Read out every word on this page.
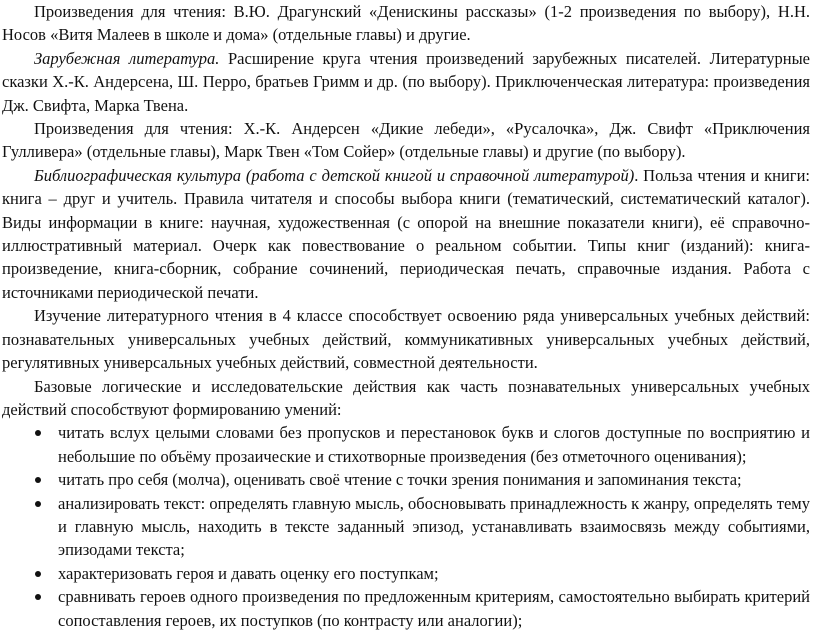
Произведения для чтения: В.Ю. Драгунский «Денискины рассказы» (1-2 произведения по выбору), Н.Н. Носов «Витя Малеев в школе и дома» (отдельные главы) и другие.

Зарубежная литература. Расширение круга чтения произведений зарубежных писателей. Литературные сказки Х.-К. Андерсена, Ш. Перро, братьев Гримм и др. (по выбору). Приключенческая литература: произведения Дж. Свифта, Марка Твена.

Произведения для чтения: Х.-К. Андерсен «Дикие лебеди», «Русалочка», Дж. Свифт «Приключения Гулливера» (отдельные главы), Марк Твен «Том Сойер» (отдельные главы) и другие (по выбору).

Библиографическая культура (работа с детской книгой и справочной литературой). Польза чтения и книги: книга – друг и учитель. Правила читателя и способы выбора книги (тематический, систематический каталог). Виды информации в книге: научная, художественная (с опорой на внешние показатели книги), её справочно-иллюстративный материал. Очерк как повествование о реальном событии. Типы книг (изданий): книга-произведение, книга-сборник, собрание сочинений, периодическая печать, справочные издания. Работа с источниками периодической печати.

Изучение литературного чтения в 4 классе способствует освоению ряда универсальных учебных действий: познавательных универсальных учебных действий, коммуникативных универсальных учебных действий, регулятивных универсальных учебных действий, совместной деятельности.

Базовые логические и исследовательские действия как часть познавательных универсальных учебных действий способствуют формированию умений:

читать вслух целыми словами без пропусков и перестановок букв и слогов доступные по восприятию и небольшие по объёму прозаические и стихотворные произведения (без отметочного оценивания);
читать про себя (молча), оценивать своё чтение с точки зрения понимания и запоминания текста;
анализировать текст: определять главную мысль, обосновывать принадлежность к жанру, определять тему и главную мысль, находить в тексте заданный эпизод, устанавливать взаимосвязь между событиями, эпизодами текста;
характеризовать героя и давать оценку его поступкам;
сравнивать героев одного произведения по предложенным критериям, самостоятельно выбирать критерий сопоставления героев, их поступков (по контрасту или аналогии);
